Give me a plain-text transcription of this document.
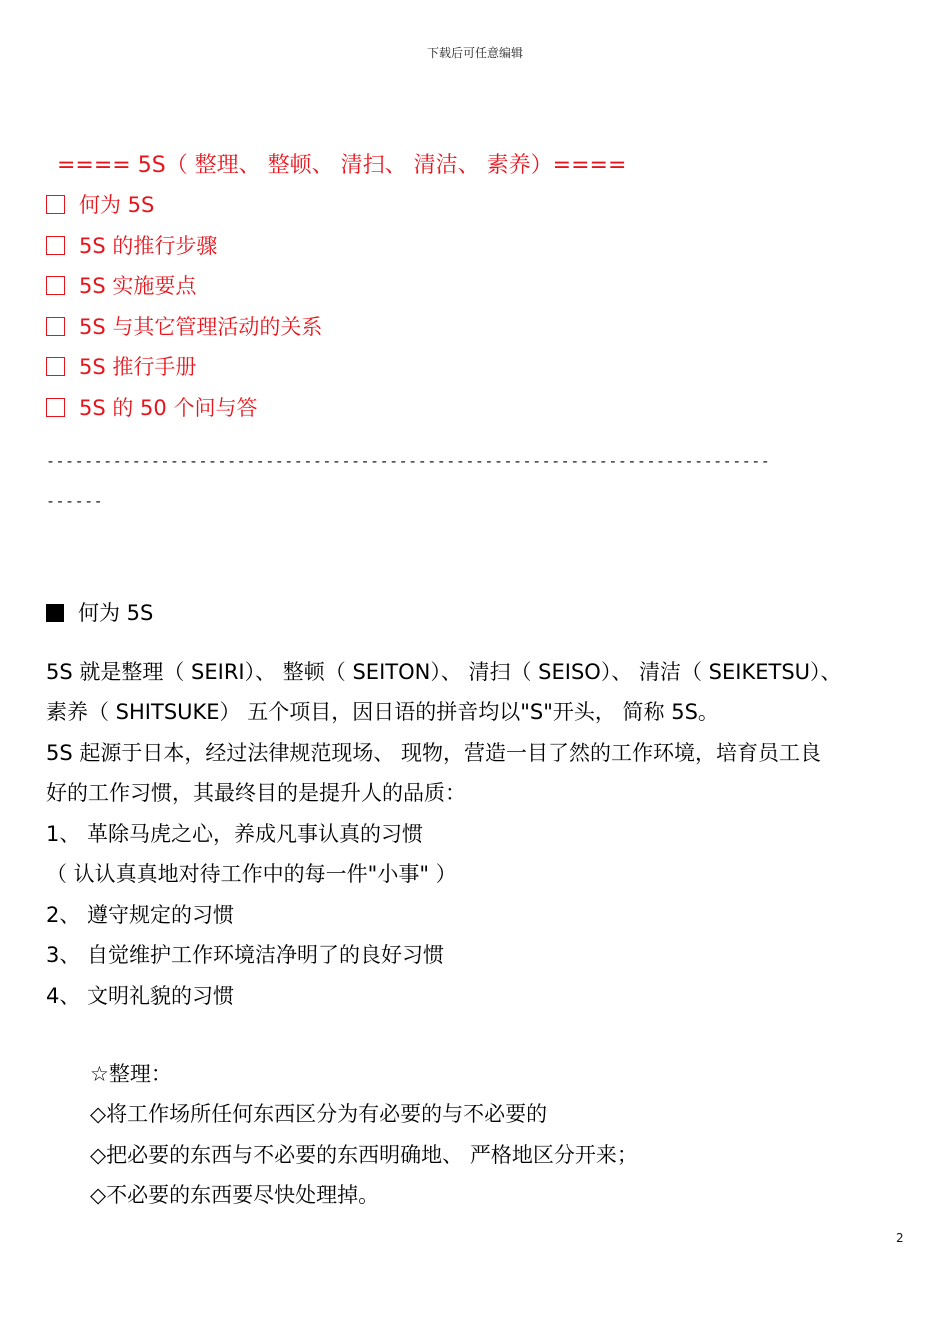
下载后可任意编辑
==== 5S（ 整理、 整顿、 清扫、 清洁、 素养）====
何为 5S
5S 的推行步骤
5S 实施要点
5S 与其它管理活动的关系
5S 推行手册
5S 的 50 个问与答
----------------------------------------------------------------------------
------
何为 5S
5S 就是整理（ SEIRI）、 整顿（ SEITON）、 清扫（ SEISO）、 清洁（ SEIKETSU）、
素养（ SHITSUKE） 五个项目，因日语的拼音均以"S"开头， 简称 5S。
5S 起源于日本，经过法律规范现场、 现物，营造一目了然的工作环境，培育员工良
好的工作习惯，其最终目的是提升人的品质：
1、 革除马虎之心，养成凡事认真的习惯
（ 认认真真地对待工作中的每一件"小事" ）
2、 遵守规定的习惯
3、 自觉维护工作环境洁净明了的良好习惯
4、 文明礼貌的习惯
☆整理：
◇将工作场所任何东西区分为有必要的与不必要的
◇把必要的东西与不必要的东西明确地、 严格地区分开来；
◇不必要的东西要尽快处理掉。
2
